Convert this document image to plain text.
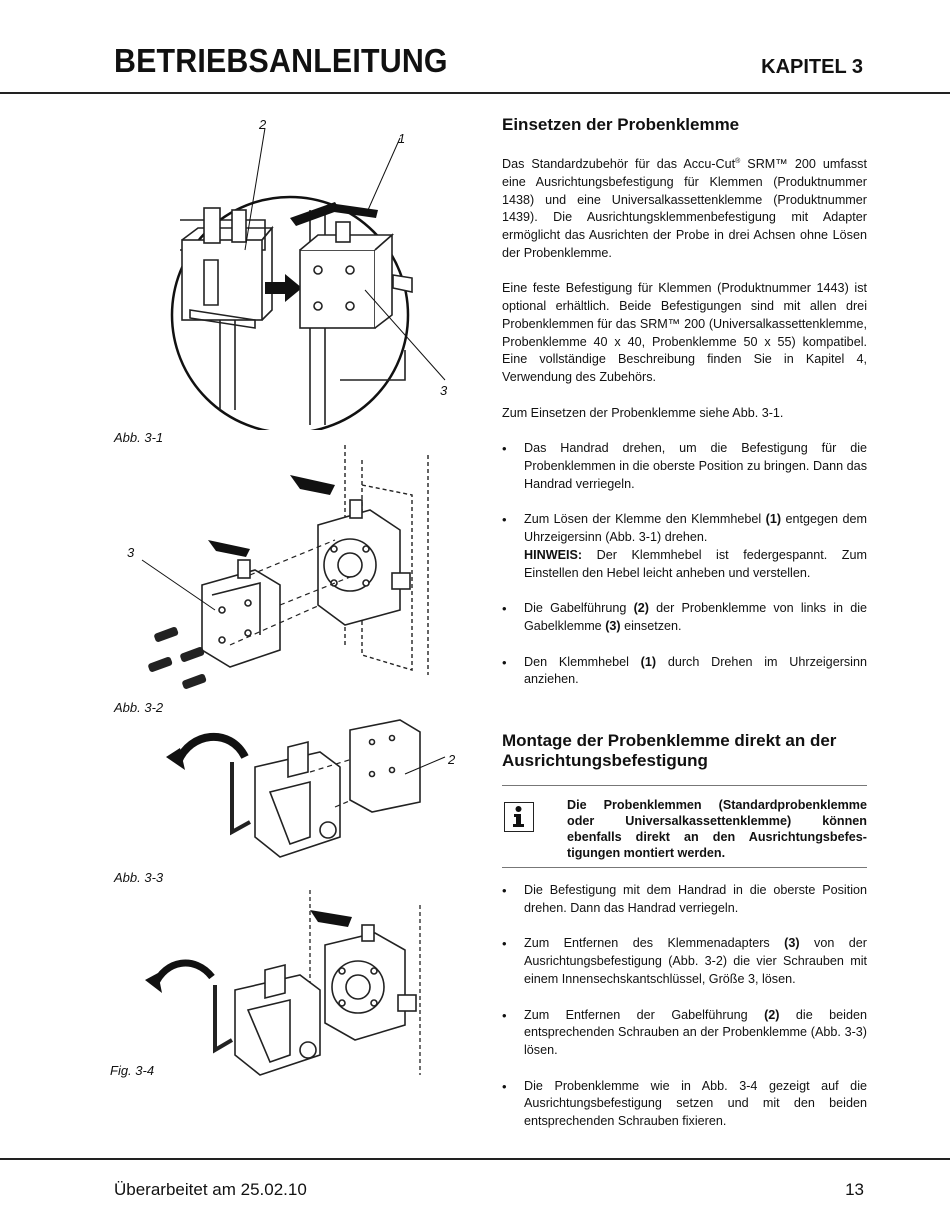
BETRIEBSANLEITUNG	KAPITEL 3
2
1
3
Abb. 3-1
3
Abb. 3-2
2
Abb. 3-3
Fig. 3-4
Einsetzen der Probenklemme

Das Standardzubehör für das Accu-Cut® SRM™ 200 umfasst eine Ausrichtungsbefestigung für Klemmen (Produktnummer 1438) und eine Universalkassettenklemme (Produktnummer 1439). Die Ausrichtungsklemmenbefestigung mit Adapter ermöglicht das Ausrichten der Probe in drei Achsen ohne Lösen der Probenklemme.

Eine feste Befestigung für Klemmen (Produktnummer 1443) ist optional erhältlich. Beide Befestigungen sind mit allen drei Probenklemmen für das SRM™ 200 (Universalkassettenklemme, Probenklemme 40 x 40, Probenklemme 50 x 55) kompatibel. Eine vollständige Beschreibung finden Sie in Kapitel 4, Verwendung des Zubehörs.

Zum Einsetzen der Probenklemme siehe Abb. 3-1.

• Das Handrad drehen, um die Befestigung für die Probenklemmen in die oberste Position zu bringen. Dann das Handrad verriegeln.
• Zum Lösen der Klemme den Klemmhebel (1) entgegen dem Uhrzeigersinn (Abb. 3-1) drehen.
HINWEIS: Der Klemmhebel ist federgespannt. Zum Einstellen den Hebel leicht anheben und verstellen.
• Die Gabelführung (2) der Probenklemme von links in die Gabelklemme (3) einsetzen.
• Den Klemmhebel (1) durch Drehen im Uhrzeigersinn anziehen.
Montage der Probenklemme direkt an der Ausrichtungsbefestigung
Die Probenklemmen (Standardprobenklemme oder Universalkassettenklemme) können ebenfalls direkt an den Ausrichtungsbefestigungen montiert werden.
• Die Befestigung mit dem Handrad in die oberste Position drehen. Dann das Handrad verriegeln.
• Zum Entfernen des Klemmenadapters (3) von der Ausrichtungsbefestigung (Abb. 3-2) die vier Schrauben mit einem Innensechskantschlüssel, Größe 3, lösen.
• Zum Entfernen der Gabelführung (2) die beiden entsprechenden Schrauben an der Probenklemme (Abb. 3-3) lösen.
• Die Probenklemme wie in Abb. 3-4 gezeigt auf die Ausrichtungsbefestigung setzen und mit den beiden entsprechenden Schrauben fixieren.
Überarbeitet am 25.02.10	13
